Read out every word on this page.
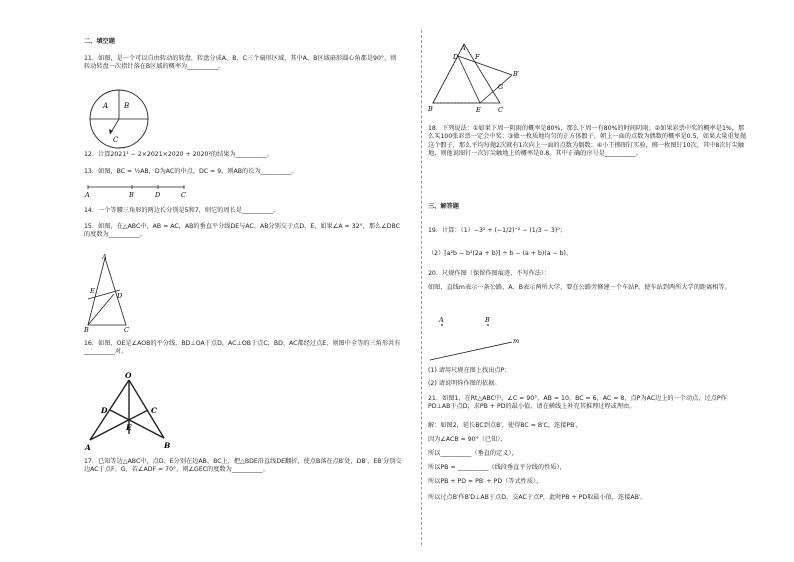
二、填空题
11．如图，是一个可以自由转动的转盘，转盘分成A、B、C三个扇形区域，其中A、B区域扇形圆心角都是90°，则转动转盘一次指针落在B区域的概率为__________。
A B
C
12．计算2021² − 2×2021×2020 + 2020²的结果为__________。
13．如图，BC = ½AB，D为AC的中点，DC = 9，则AB的长为__________。
A	B	D	C
14．一个等腰三角形的两边长分别是5和7，则它的周长是__________。
15．如图，在△ABC中，AB = AC，AB的垂直平分线DE与AC、AB分别交于点D、E，如果∠A = 32°，那么∠DBC的度数为__________。
A
E
D
B	C
16．如图，OE是∠AOB的平分线，BD⊥OA于点D，AC⊥OB于点C，BD、AC都经过点E，则图中全等的三角形共有__________对。
O
D	C
E
A	B
17．已知等边△ABC中，点D、E分别在边AB、BC上，把△BDE沿直线DE翻折，使点B落在点B′处，DB′、EB′分别交边AC于点F、G，若∠ADF = 70°，则∠GEC的度数为__________。
A
D	F
B′
G
B	E	C
18．下列说法：①如果下周一阴雨的概率是80%，那么下周一有80%的时间阴雨；②如果彩票中奖的概率是1%，那么买100张彩票一定会中奖；③做一枚质地均匀的正方体骰子，朝上一面的点数为偶数的概率是0.5，如果大量重复抛这个骰子，那么平均每抛2次就有1次向上一面的点数为偶数；④小王掷图钉实验，掷一枚图钉10次，其中8次钉尖触地，则他说图钉一次钉尖触地上的概率是0.8。其中正确的序号是__________。
三、解答题
19．计算：（1）−3² + (−1/2)⁻² − (1/3 − 3)⁰；
（2）[a²b − b²(2a + b)] ÷ b − (a + b)(a − b)。
20．尺规作图（保留作图痕迹，不写作法）：
如图，直线m表示一条公路，A、B表示两所大学，要在公路旁修建一个车站P，使车站到两所大学的距离相等。
A	B
m
(1) 请用尺规在图上找出点P；
(2) 请说明你作图的依据。
21．如图1，在Rt△ABC中，∠C = 90°，AB = 10，BC = 6，AC = 8，点P为AC边上的一个动点，过点P作PD⊥AB于点D，求PB + PD的最小值，请在横线上补充其推理过程或理由。
解：如图2，延长BC到点B′，使得BC = B′C，连接PB′，
因为∠ACB = 90°（已知），
所以__________（垂直的定义），
所以PB = __________（线段垂直平分线的性质），
所以PB + PD = PB′ + PD（等式性质），
所以过点B′作B′D⊥AB于点D，交AC于点P，此时PB + PD取最小值，连接AB′。
